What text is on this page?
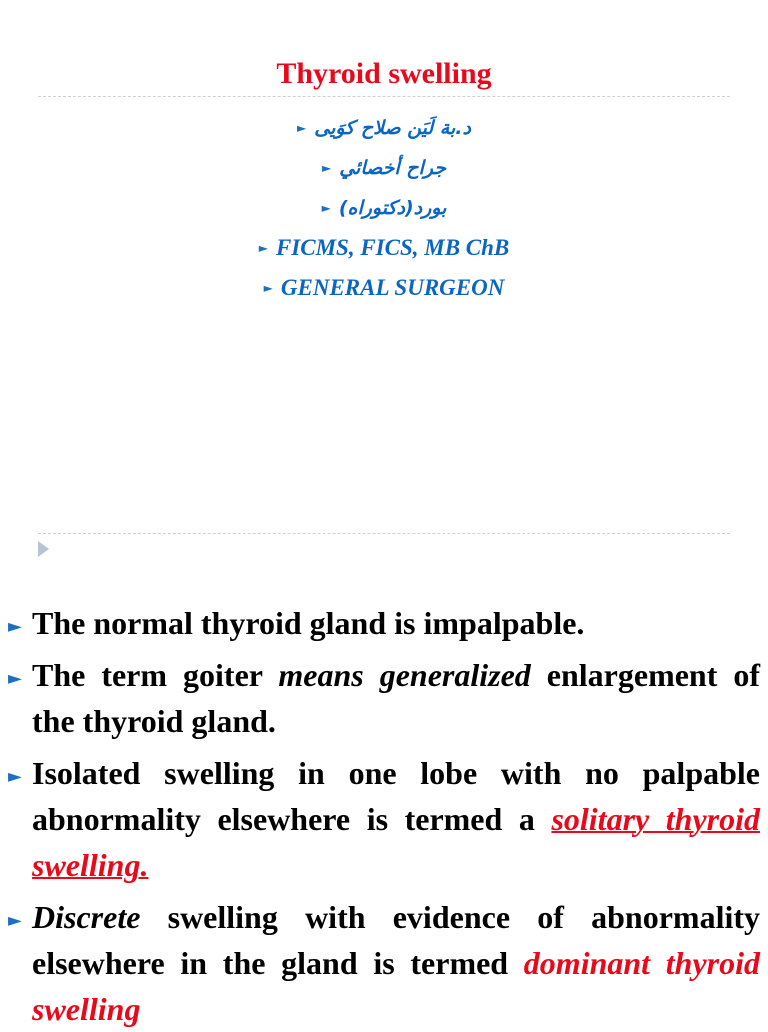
Thyroid swelling
► د.بة لَيَن صلاح كوَيى
► جراح أخصائي
► بورد(دكتوراه)
► FICMS, FICS, MB ChB
► GENERAL SURGEON
► The normal thyroid gland is impalpable.
► The term goiter means generalized enlargement of the thyroid gland.
► Isolated swelling in one lobe with no palpable abnormality elsewhere is termed a solitary thyroid swelling.
► Discrete swelling with evidence of abnormality elsewhere in the gland is termed dominant thyroid swelling
